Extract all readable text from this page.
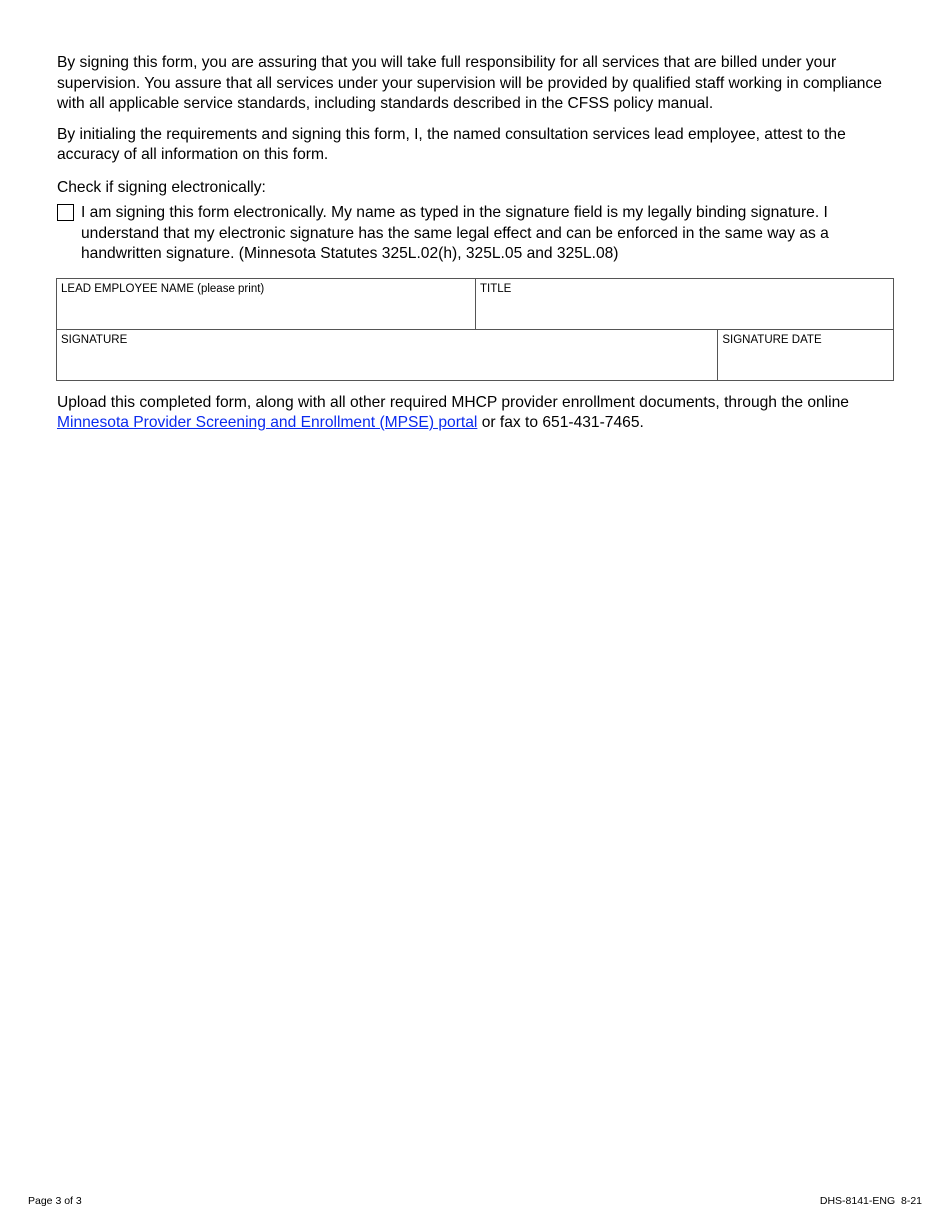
By signing this form, you are assuring that you will take full responsibility for all services that are billed under your supervision. You assure that all services under your supervision will be provided by qualified staff working in compliance with all applicable service standards, including standards described in the CFSS policy manual.

By initialing the requirements and signing this form, I, the named consultation services lead employee, attest to the accuracy of all information on this form.

Check if signing electronically:

I am signing this form electronically. My name as typed in the signature field is my legally binding signature. I understand that my electronic signature has the same legal effect and can be enforced in the same way as a handwritten signature. (Minnesota Statutes 325L.02(h), 325L.05 and 325L.08)
LEAD EMPLOYEE NAME (please print)	TITLE
SIGNATURE	SIGNATURE DATE

Upload this completed form, along with all other required MHCP provider enrollment documents, through the online Minnesota Provider Screening and Enrollment (MPSE) portal or fax to 651-431-7465.

Page 3 of 3	DHS-8141-ENG  8-21
